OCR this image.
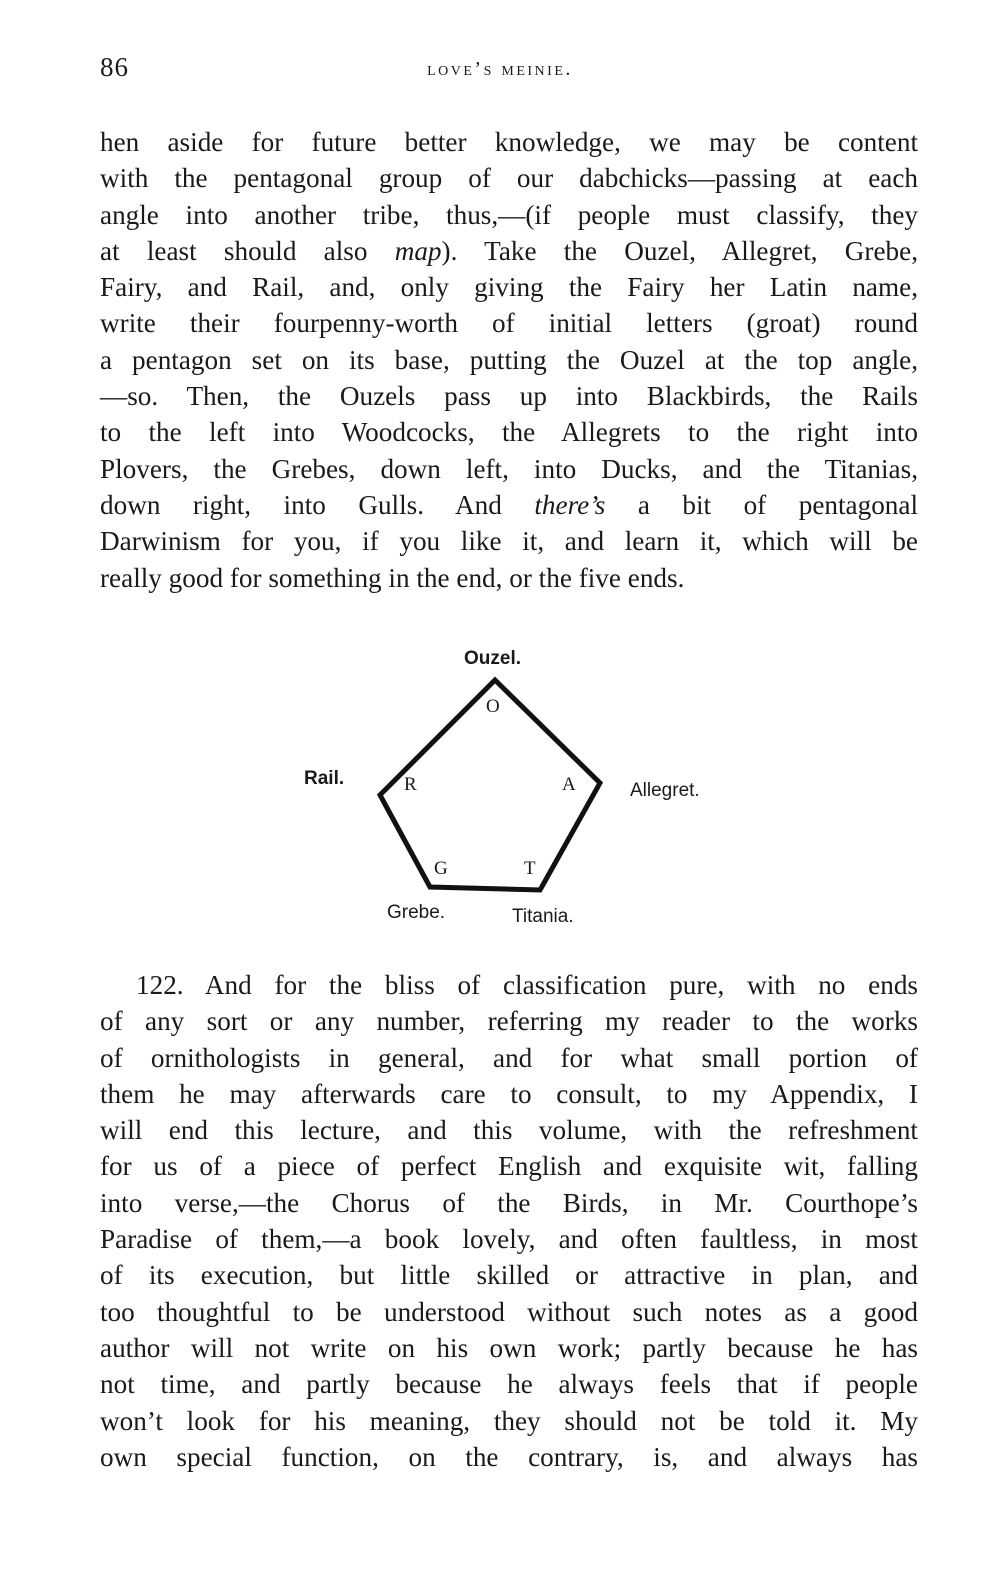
86	love’s meinie.
hen aside for future better knowledge, we may be content
with the pentagonal group of our dabchicks—passing at each
angle into another tribe, thus,—(if people must classify, they
at least should also map). Take the Ouzel, Allegret, Grebe,
Fairy, and Rail, and, only giving the Fairy her Latin name,
write their fourpenny-worth of initial letters (groat) round
a pentagon set on its base, putting the Ouzel at the top angle,
—so. Then, the Ouzels pass up into Blackbirds, the Rails
to the left into Woodcocks, the Allegrets to the right into
Plovers, the Grebes, down left, into Ducks, and the Titanias,
down right, into Gulls. And there’s a bit of pentagonal
Darwinism for you, if you like it, and learn it, which will be
really good for something in the end, or the five ends.
Ouzel.
Rail.
Allegret.
Grebe.	Titania.
O
R	A
G	T
122. And for the bliss of classification pure, with no ends
of any sort or any number, referring my reader to the works
of ornithologists in general, and for what small portion of
them he may afterwards care to consult, to my Appendix, I
will end this lecture, and this volume, with the refreshment
for us of a piece of perfect English and exquisite wit, falling
into verse,—the Chorus of the Birds, in Mr. Courthope’s
Paradise of them,—a book lovely, and often faultless, in most
of its execution, but little skilled or attractive in plan, and
too thoughtful to be understood without such notes as a good
author will not write on his own work; partly because he has
not time, and partly because he always feels that if people
won’t look for his meaning, they should not be told it. My
own special function, on the contrary, is, and always has
